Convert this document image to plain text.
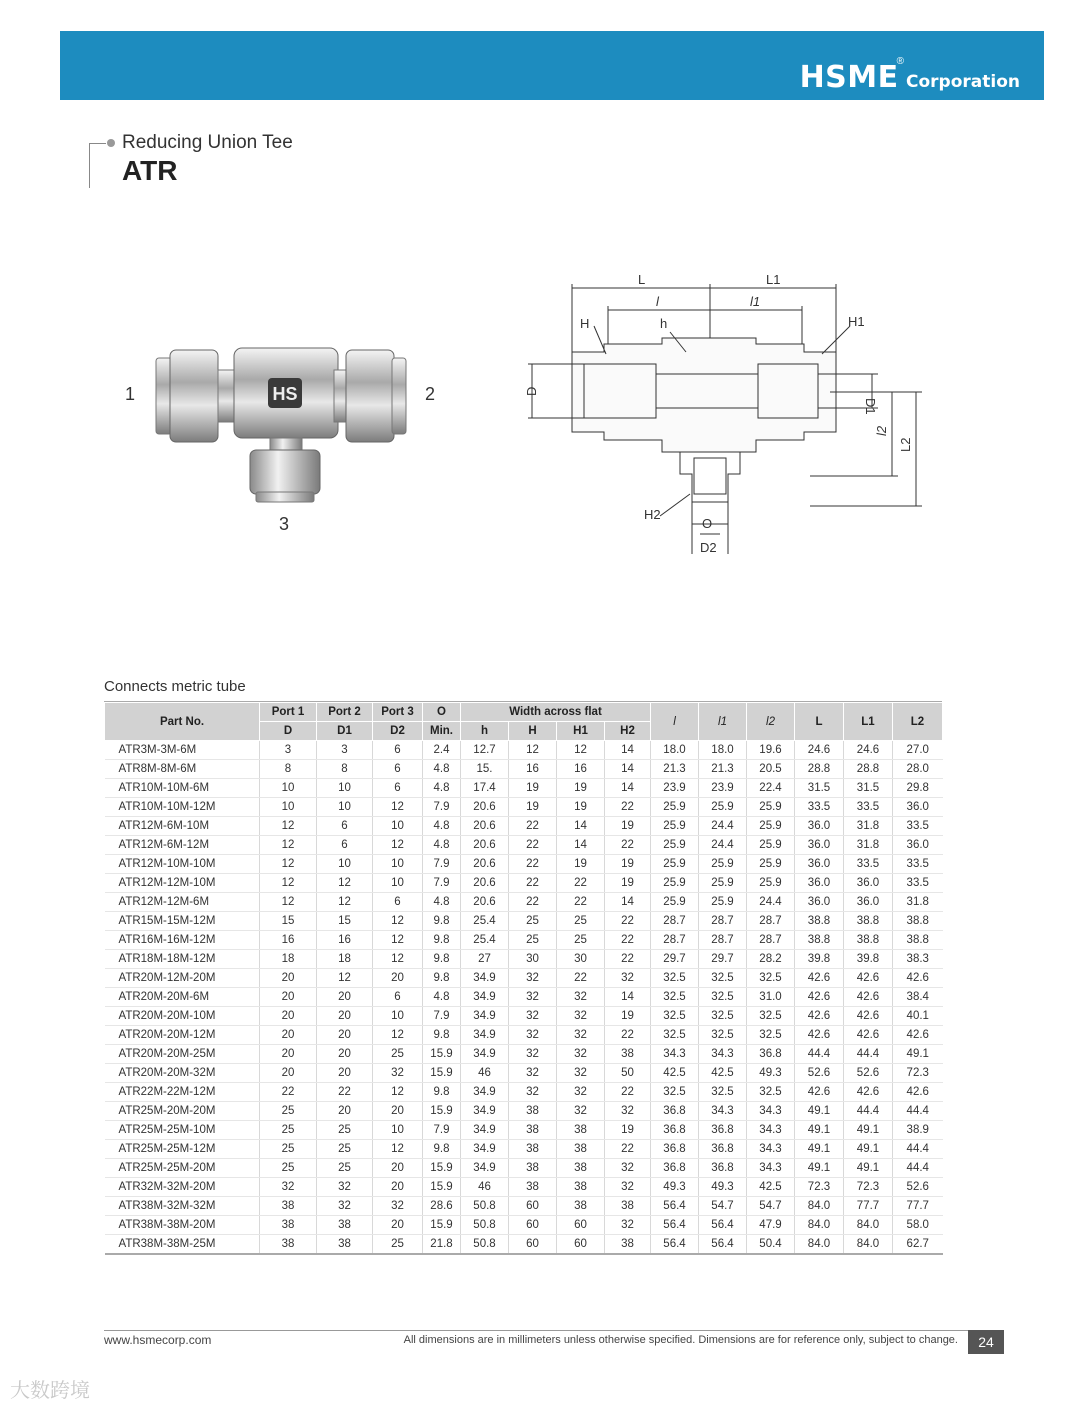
HSME®Corporation
Reducing Union Tee
ATR
HS
1	2
3
L	L1
l	l1
H	h	H1
H2
O
D2
D
D1
l2
L2
Connects metric tube
Part No.	Port 1	Port 2	Port 3	O	Width across flat				l	l1	l2	L	L1	L2
	D	D1	D2	Min.	h	H	H1	H2						
ATR3M-3M-6M	3	3	6	2.4	12.7	12	12	14	18.0	18.0	19.6	24.6	24.6	27.0
ATR8M-8M-6M	8	8	6	4.8	15.	16	16	14	21.3	21.3	20.5	28.8	28.8	28.0
ATR10M-10M-6M	10	10	6	4.8	17.4	19	19	14	23.9	23.9	22.4	31.5	31.5	29.8
ATR10M-10M-12M	10	10	12	7.9	20.6	19	19	22	25.9	25.9	25.9	33.5	33.5	36.0
ATR12M-6M-10M	12	6	10	4.8	20.6	22	14	19	25.9	24.4	25.9	36.0	31.8	33.5
ATR12M-6M-12M	12	6	12	4.8	20.6	22	14	22	25.9	24.4	25.9	36.0	31.8	36.0
ATR12M-10M-10M	12	10	10	7.9	20.6	22	19	19	25.9	25.9	25.9	36.0	33.5	33.5
ATR12M-12M-10M	12	12	10	7.9	20.6	22	22	19	25.9	25.9	25.9	36.0	36.0	33.5
ATR12M-12M-6M	12	12	6	4.8	20.6	22	22	14	25.9	25.9	24.4	36.0	36.0	31.8
ATR15M-15M-12M	15	15	12	9.8	25.4	25	25	22	28.7	28.7	28.7	38.8	38.8	38.8
ATR16M-16M-12M	16	16	12	9.8	25.4	25	25	22	28.7	28.7	28.7	38.8	38.8	38.8
ATR18M-18M-12M	18	18	12	9.8	27	30	30	22	29.7	29.7	28.2	39.8	39.8	38.3
ATR20M-12M-20M	20	12	20	9.8	34.9	32	22	32	32.5	32.5	32.5	42.6	42.6	42.6
ATR20M-20M-6M	20	20	6	4.8	34.9	32	32	14	32.5	32.5	31.0	42.6	42.6	38.4
ATR20M-20M-10M	20	20	10	7.9	34.9	32	32	19	32.5	32.5	32.5	42.6	42.6	40.1
ATR20M-20M-12M	20	20	12	9.8	34.9	32	32	22	32.5	32.5	32.5	42.6	42.6	42.6
ATR20M-20M-25M	20	20	25	15.9	34.9	32	32	38	34.3	34.3	36.8	44.4	44.4	49.1
ATR20M-20M-32M	20	20	32	15.9	46	32	32	50	42.5	42.5	49.3	52.6	52.6	72.3
ATR22M-22M-12M	22	22	12	9.8	34.9	32	32	22	32.5	32.5	32.5	42.6	42.6	42.6
ATR25M-20M-20M	25	20	20	15.9	34.9	38	32	32	36.8	34.3	34.3	49.1	44.4	44.4
ATR25M-25M-10M	25	25	10	7.9	34.9	38	38	19	36.8	36.8	34.3	49.1	49.1	38.9
ATR25M-25M-12M	25	25	12	9.8	34.9	38	38	22	36.8	36.8	34.3	49.1	49.1	44.4
ATR25M-25M-20M	25	25	20	15.9	34.9	38	38	32	36.8	36.8	34.3	49.1	49.1	44.4
ATR32M-32M-20M	32	32	20	15.9	46	38	38	32	49.3	49.3	42.5	72.3	72.3	52.6
ATR38M-32M-32M	38	32	32	28.6	50.8	60	38	38	56.4	54.7	54.7	84.0	77.7	77.7
ATR38M-38M-20M	38	38	20	15.9	50.8	60	60	32	56.4	56.4	47.9	84.0	84.0	58.0
ATR38M-38M-25M	38	38	25	21.8	50.8	60	60	38	56.4	56.4	50.4	84.0	84.0	62.7
www.hsmecorp.com	All dimensions are in millimeters unless otherwise specified. Dimensions are for reference only, subject to change.	24
大数跨境
